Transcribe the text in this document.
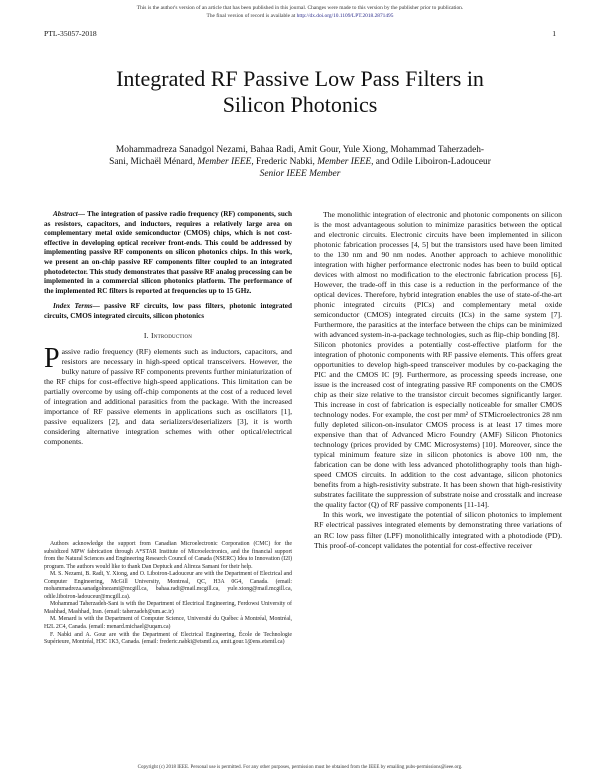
This is the author's version of an article that has been published in this journal. Changes were made to this version by the publisher prior to publication.
The final version of record is available at http://dx.doi.org/10.1109/LPT.2018.2871495
PTL-35057-2018	1
Integrated RF Passive Low Pass Filters in
Silicon Photonics
Mohammadreza Sanadgol Nezami, Bahaa Radi, Amit Gour, Yule Xiong, Mohammad Taherzadeh-
Sani, Michaël Ménard, Member IEEE, Frederic Nabki, Member IEEE, and Odile Liboiron-Ladouceur
Senior IEEE Member

Abstract— The integration of passive radio frequency (RF) components, such as resistors, capacitors, and inductors, requires a relatively large area on complementary metal oxide semiconductor (CMOS) chips, which is not cost-effective in developing optical receiver front-ends. This could be addressed by implementing passive RF components on silicon photonics chips. In this work, we present an on-chip passive RF components filter coupled to an integrated photodetector. This study demonstrates that passive RF analog processing can be implemented in a commercial silicon photonics platform. The performance of the implemented RC filters is reported at frequencies up to 15 GHz.

Index Terms— passive RF circuits, low pass filters, photonic integrated circuits, CMOS integrated circuits, silicon photonics

I. Introduction

Passive radio frequency (RF) elements such as inductors, capacitors, and resistors are necessary in high-speed optical transceivers. However, the bulky nature of passive RF components prevents further miniaturization of the RF chips for cost-effective high-speed applications. This limitation can be partially overcome by using off-chip components at the cost of a reduced level of integration and additional parasitics from the package. With the increased importance of RF passive elements in applications such as oscillators [1], passive equalizers [2], and data serializers/deserializers [3], it is worth considering alternative integration schemes with other optical/electrical components.

Authors acknowledge the support from Canadian Microelectronic Corporation (CMC) for the subsidized MPW fabrication through A*STAR Institute of Microelectronics, and the financial support from the Natural Sciences and Engineering Research Council of Canada (NSERC) Idea to Innovation (I2I) program. The authors would like to thank Dan Deptuck and Alireza Samani for their help.

M. S. Nezami, B. Radi, Y. Xiong, and O. Liboiron-Ladouceur are with the Department of Electrical and Computer Engineering, McGill University, Montreal, QC, H3A 0G4, Canada. (email: mohammadreza.sanadgolnezami@mcgill.ca, bahaa.radi@mail.mcgill.ca, yule.xiong@mail.mcgill.ca, odile.liboiron-ladouceur@mcgill.ca).

Mohammad Taherzadeh-Sani is with the Department of Electrical Engineering, Ferdowsi University of Mashhad, Mashhad, Iran. (email: taherzadeh@um.ac.ir)

M. Menard is with the Department of Computer Science, Université du Québec à Montréal, Montréal, H2L 2C4, Canada. (email: menard.michael@uqam.ca)

F. Nabki and A. Gour are with the Department of Electrical Engineering, École de Technologie Supérieure, Montréal, H3C 1K3, Canada. (email: frederic.nabki@etsmtl.ca, amit.gour.1@ens.etsmtl.ca)

The monolithic integration of electronic and photonic components on silicon is the most advantageous solution to minimize parasitics between the optical and electronic circuits. Electronic circuits have been implemented in silicon photonic fabrication processes [4, 5] but the transistors used have been limited to the 130 nm and 90 nm nodes. Another approach to achieve monolithic integration with higher performance electronic nodes has been to build optical devices with almost no modification to the electronic fabrication process [6]. However, the trade-off in this case is a reduction in the performance of the optical devices. Therefore, hybrid integration enables the use of state-of-the-art phonic integrated circuits (PICs) and complementary metal oxide semiconductor (CMOS) integrated circuits (ICs) in the same system [7]. Furthermore, the parasitics at the interface between the chips can be minimized with advanced system-in-a-package technologies, such as flip-chip bonding [8].

Silicon photonics provides a potentially cost-effective platform for the integration of photonic components with RF passive elements. This offers great opportunities to develop high-speed transceiver modules by co-packaging the PIC and the CMOS IC [9]. Furthermore, as processing speeds increase, one issue is the increased cost of integrating passive RF components on the CMOS chip as their size relative to the transistor circuit becomes significantly larger. This increase in cost of fabrication is especially noticeable for smaller CMOS technology nodes. For example, the cost per mm² of STMicroelectronics 28 nm fully depleted silicon-on-insulator CMOS process is at least 17 times more expensive than that of Advanced Micro Foundry (AMF) Silicon Photonics technology (prices provided by CMC Microsystems) [10]. Moreover, since the typical minimum feature size in silicon photonics is above 100 nm, the fabrication can be done with less advanced photolithography tools than high-speed CMOS circuits. In addition to the cost advantage, silicon photonics benefits from a high-resistivity substrate. It has been shown that high-resistivity substrates facilitate the suppression of substrate noise and crosstalk and increase the quality factor (Q) of RF passive components [11-14].

In this work, we investigate the potential of silicon photonics to implement RF electrical passives integrated elements by demonstrating three variations of an RC low pass filter (LPF) monolithically integrated with a photodiode (PD). This proof-of-concept validates the potential for cost-effective receiver

Copyright (c) 2018 IEEE. Personal use is permitted. For any other purposes, permission must be obtained from the IEEE by emailing pubs-permissions@ieee.org.
